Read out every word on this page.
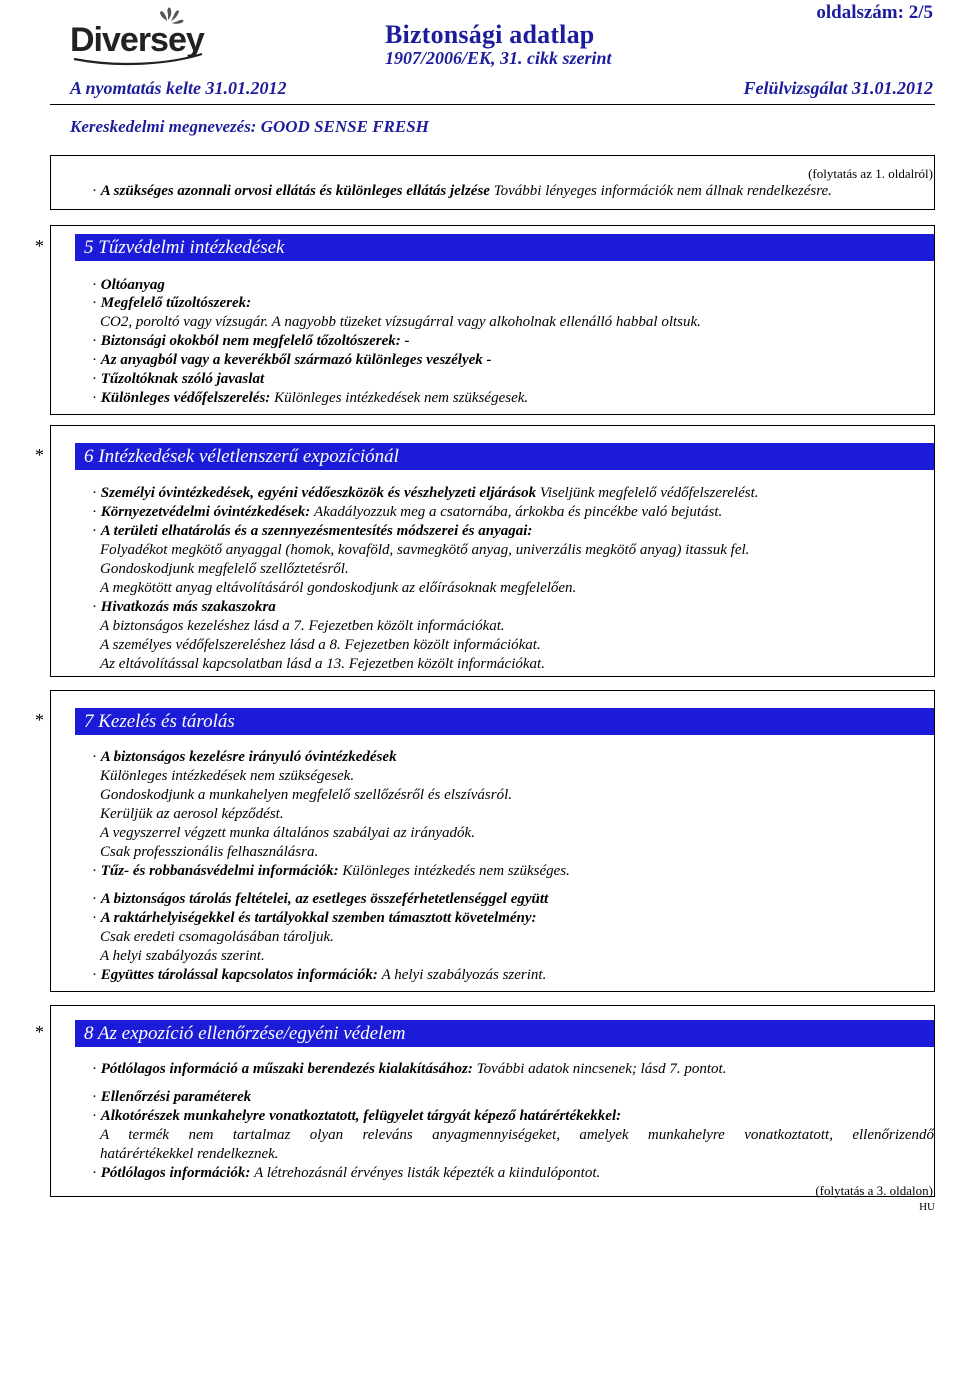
Diversey	Biztonsági adatlap
1907/2006/EK, 31. cikk szerint
oldalszám: 2/5
A nyomtatás kelte 31.01.2012	Felülvizsgálat 31.01.2012
Kereskedelmi megnevezés: GOOD SENSE FRESH
(folytatás az 1. oldalról)
· A szükséges azonnali orvosi ellátás és különleges ellátás jelzése További lényeges információk nem állnak rendelkezésre.
*	5 Tűzvédelmi intézkedések
· Oltóanyag
· Megfelelő tűzoltószerek:
CO2, poroltó vagy vízsugár. A nagyobb tüzeket vízsugárral vagy alkoholnak ellenálló habbal oltsuk.
· Biztonsági okokból nem megfelelő tőzoltószerek: -
· Az anyagból vagy a keverékből származó különleges veszélyek -
· Tűzoltóknak szóló javaslat
· Különleges védőfelszerelés: Különleges intézkedések nem szükségesek.
*	6 Intézkedések véletlenszerű expozíciónál
· Személyi óvintézkedések, egyéni védőeszközök és vészhelyzeti eljárások Viseljünk megfelelő védőfelszerelést.
· Környezetvédelmi óvintézkedések: Akadályozzuk meg a csatornába, árkokba és pincékbe való bejutást.
· A területi elhatárolás és a szennyezésmentesítés módszerei és anyagai:
Folyadékot megkötő anyaggal (homok, kovaföld, savmegkötő anyag, univerzális megkötő anyag) itassuk fel.
Gondoskodjunk megfelelő szellőztetésről.
A megkötött anyag eltávolításáról gondoskodjunk az előírásoknak megfelelően.
· Hivatkozás más szakaszokra
A biztonságos kezeléshez lásd a 7. Fejezetben közölt információkat.
A személyes védőfelszereléshez lásd a 8. Fejezetben közölt információkat.
Az eltávolítással kapcsolatban lásd a 13. Fejezetben közölt információkat.
*	7 Kezelés és tárolás
· A biztonságos kezelésre irányuló óvintézkedések
Különleges intézkedések nem szükségesek.
Gondoskodjunk a munkahelyen megfelelő szellőzésről és elszívásról.
Kerüljük az aerosol képződést.
A vegyszerrel végzett munka általános szabályai az irányadók.
Csak professzionális felhasználásra.
· Tűz- és robbanásvédelmi információk: Különleges intézkedés nem szükséges.
· A biztonságos tárolás feltételei, az esetleges összeférhetetlenséggel együtt
· A raktárhelyiségekkel és tartályokkal szemben támasztott követelmény:
Csak eredeti csomagolásában tároljuk.
A helyi szabályozás szerint.
· Együttes tárolással kapcsolatos információk: A helyi szabályozás szerint.
*	8 Az expozíció ellenőrzése/egyéni védelem
· Pótlólagos információ a műszaki berendezés kialakításához: További adatok nincsenek; lásd 7. pontot.
· Ellenőrzési paraméterek
· Alkotórészek munkahelyre vonatkoztatott, felügyelet tárgyát képező határértékekkel:
A termék nem tartalmaz olyan releváns anyagmennyiségeket, amelyek munkahelyre vonatkoztatott, ellenőrizendő
határértékekkel rendelkeznek.
· Pótlólagos információk: A létrehozásnál érvényes listák képezték a kiindulópontot.
(folytatás a 3. oldalon)
HU
